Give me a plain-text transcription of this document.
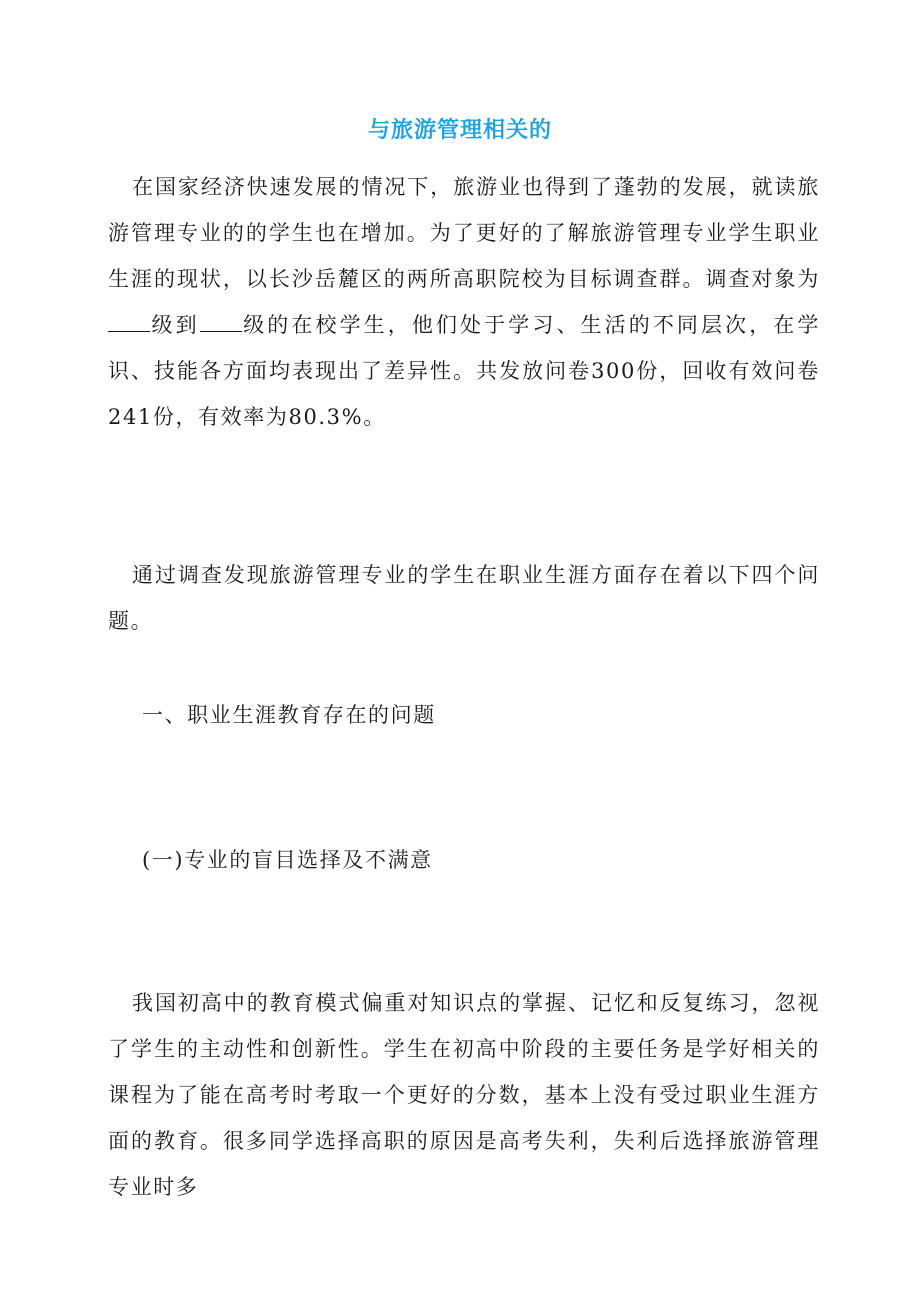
与旅游管理相关的

在国家经济快速发展的情况下，旅游业也得到了蓬勃的发展，就读旅游管理专业的的学生也在增加。为了更好的了解旅游管理专业学生职业生涯的现状，以长沙岳麓区的两所高职院校为目标调查群。调查对象为级到 级的在校学生，他们处于学习、生活的不同层次，在学识、技能各方面均表现出了差异性。共发放问卷300份，回收有效问卷241份，有效率为80.3%。

通过调查发现旅游管理专业的学生在职业生涯方面存在着以下四个问题。

一、职业生涯教育存在的问题

(一)专业的盲目选择及不满意

我国初高中的教育模式偏重对知识点的掌握、记忆和反复练习，忽视了学生的主动性和创新性。学生在初高中阶段的主要任务是学好相关的课程为了能在高考时考取一个更好的分数，基本上没有受过职业生涯方面的教育。很多同学选择高职的原因是高考失利，失利后选择旅游管理专业时多
